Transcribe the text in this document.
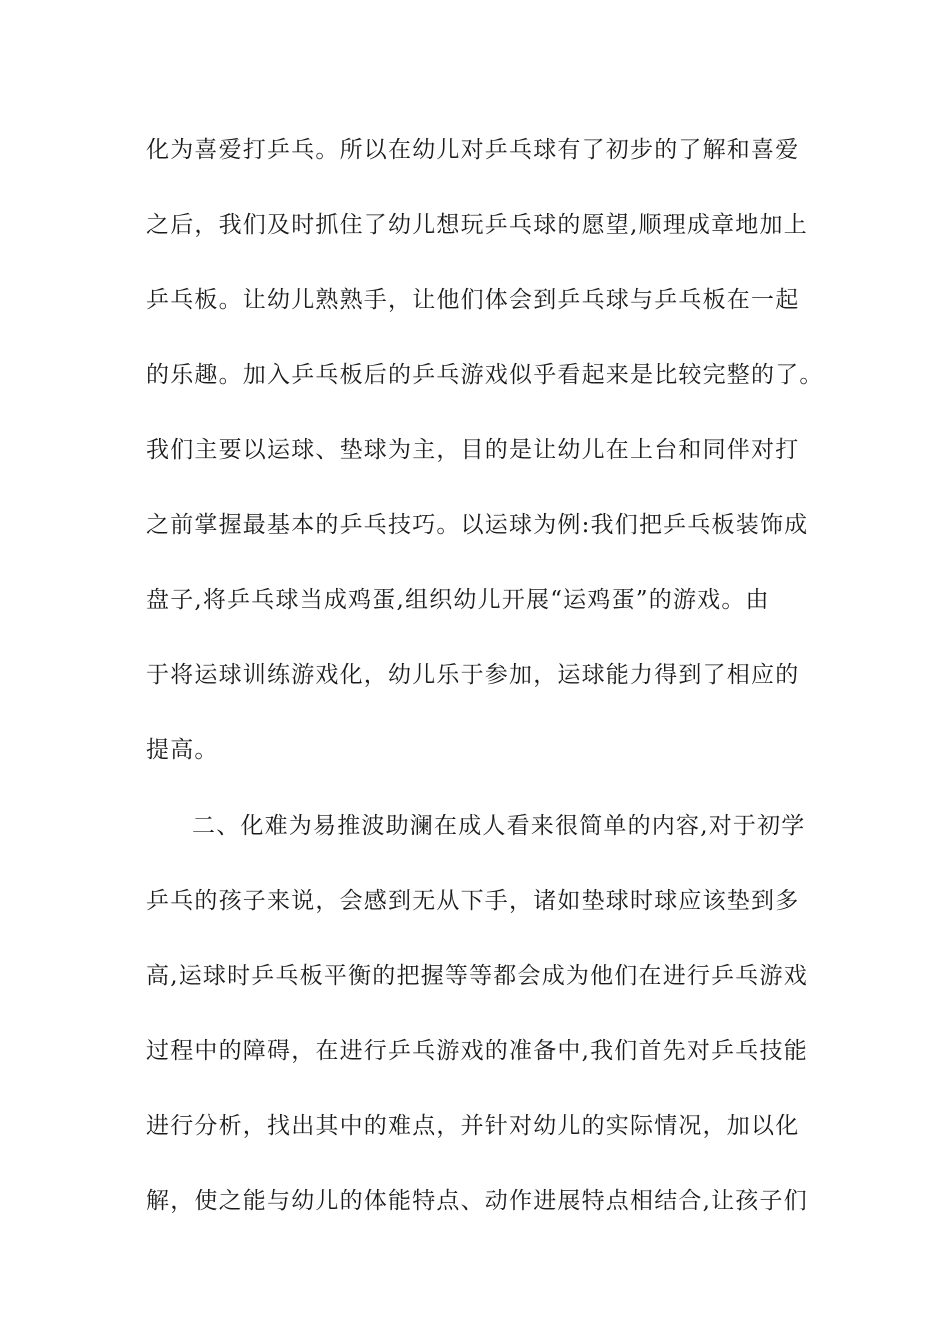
化为喜爱打乒乓。所以在幼儿对乒乓球有了初步的了解和喜爱
之后，我们及时抓住了幼儿想玩乒乓球的愿望,顺理成章地加上
乒乓板。让幼儿熟熟手，让他们体会到乒乓球与乒乓板在一起
的乐趣。加入乒乓板后的乒乓游戏似乎看起来是比较完整的了。
我们主要以运球、垫球为主，目的是让幼儿在上台和同伴对打
之前掌握最基本的乒乓技巧。以运球为例:我们把乒乓板装饰成
盘子,将乒乓球当成鸡蛋,组织幼儿开展“运鸡蛋”的游戏。由
于将运球训练游戏化，幼儿乐于参加，运球能力得到了相应的
提高。
二、化难为易推波助澜在成人看来很简单的内容,对于初学
乒乓的孩子来说，会感到无从下手，诸如垫球时球应该垫到多
高,运球时乒乓板平衡的把握等等都会成为他们在进行乒乓游戏
过程中的障碍，在进行乒乓游戏的准备中,我们首先对乒乓技能
进行分析，找出其中的难点，并针对幼儿的实际情况，加以化
解，使之能与幼儿的体能特点、动作进展特点相结合,让孩子们
